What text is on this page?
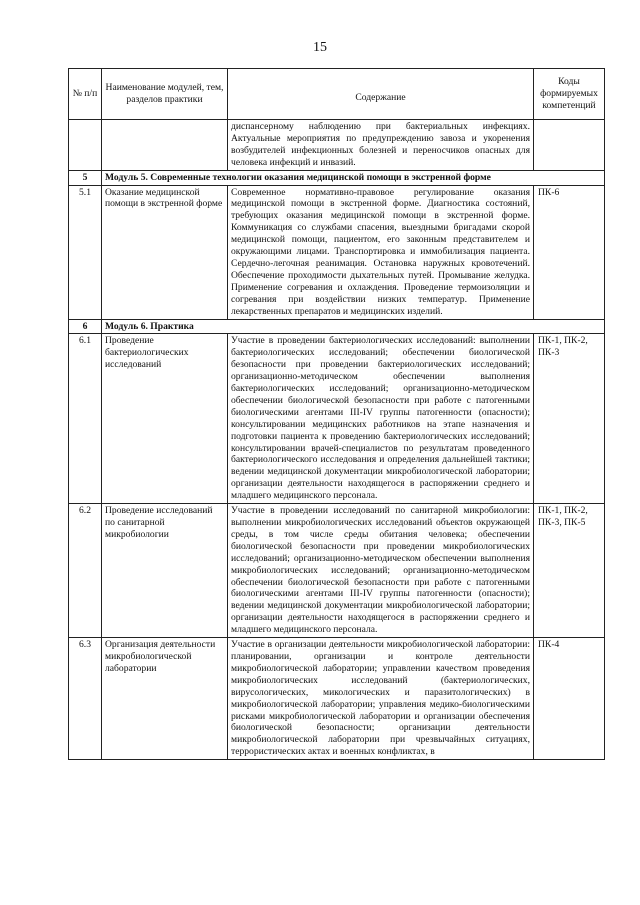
15
№ п/п	Наименование модулей, тем, разделов практики	Содержание	Коды формируемых компетенций
		диспансерному наблюдению при бактериальных инфекциях. Актуальные мероприятия по предупреждению завоза и укоренения возбудителей инфекционных болезней и переносчиков опасных для человека инфекций и инвазий.	
5	Модуль 5. Современные технологии оказания медицинской помощи в экстренной форме		
5.1	Оказание медицинской помощи в экстренной форме	Современное нормативно-правовое регулирование оказания медицинской помощи в экстренной форме. Диагностика состояний, требующих оказания медицинской помощи в экстренной форме. Коммуникация со службами спасения, выездными бригадами скорой медицинской помощи, пациентом, его законным представителем и окружающими лицами. Транспортировка и иммобилизация пациента. Сердечно-легочная реанимация. Остановка наружных кровотечений. Обеспечение проходимости дыхательных путей. Промывание желудка. Применение согревания и охлаждения. Проведение термоизоляции и согревания при воздействии низких температур. Применение лекарственных препаратов и медицинских изделий.	ПК-6
6	Модуль 6. Практика		
6.1	Проведение бактериологических исследований	Участие в проведении бактериологических исследований: выполнении бактериологических исследований; обеспечении биологической безопасности при проведении бактериологических исследований; организационно-методическом обеспечении выполнения бактериологических исследований; организационно-методическом обеспечении биологической безопасности при работе с патогенными биологическими агентами III-IV группы патогенности (опасности); консультировании медицинских работников на этапе назначения и подготовки пациента к проведению бактериологических исследований; консультировании врачей-специалистов по результатам проведенного бактериологического исследования и определения дальнейшей тактики; ведении медицинской документации микробиологической лаборатории; организации деятельности находящегося в распоряжении среднего и младшего медицинского персонала.	ПК-1, ПК-2, ПК-3
6.2	Проведение исследований по санитарной микробиологии	Участие в проведении исследований по санитарной микробиологии: выполнении микробиологических исследований объектов окружающей среды, в том числе среды обитания человека; обеспечении биологической безопасности при проведении микробиологических исследований; организационно-методическом обеспечении выполнения микробиологических исследований; организационно-методическом обеспечении биологической безопасности при работе с патогенными биологическими агентами III-IV группы патогенности (опасности); ведении медицинской документации микробиологической лаборатории; организации деятельности находящегося в распоряжении среднего и младшего медицинского персонала.	ПК-1, ПК-2, ПК-3, ПК-5
6.3	Организация деятельности микробиологической лаборатории	Участие в организации деятельности микробиологической лаборатории: планировании, организации и контроле деятельности микробиологической лаборатории; управлении качеством проведения микробиологических исследований (бактериологических, вирусологических, микологических и паразитологических) в микробиологической лаборатории; управления медико-биологическими рисками микробиологической лаборатории и организации обеспечения биологической безопасности; организации деятельности микробиологической лаборатории при чрезвычайных ситуациях, террористических актах и военных конфликтах, в	ПК-4
